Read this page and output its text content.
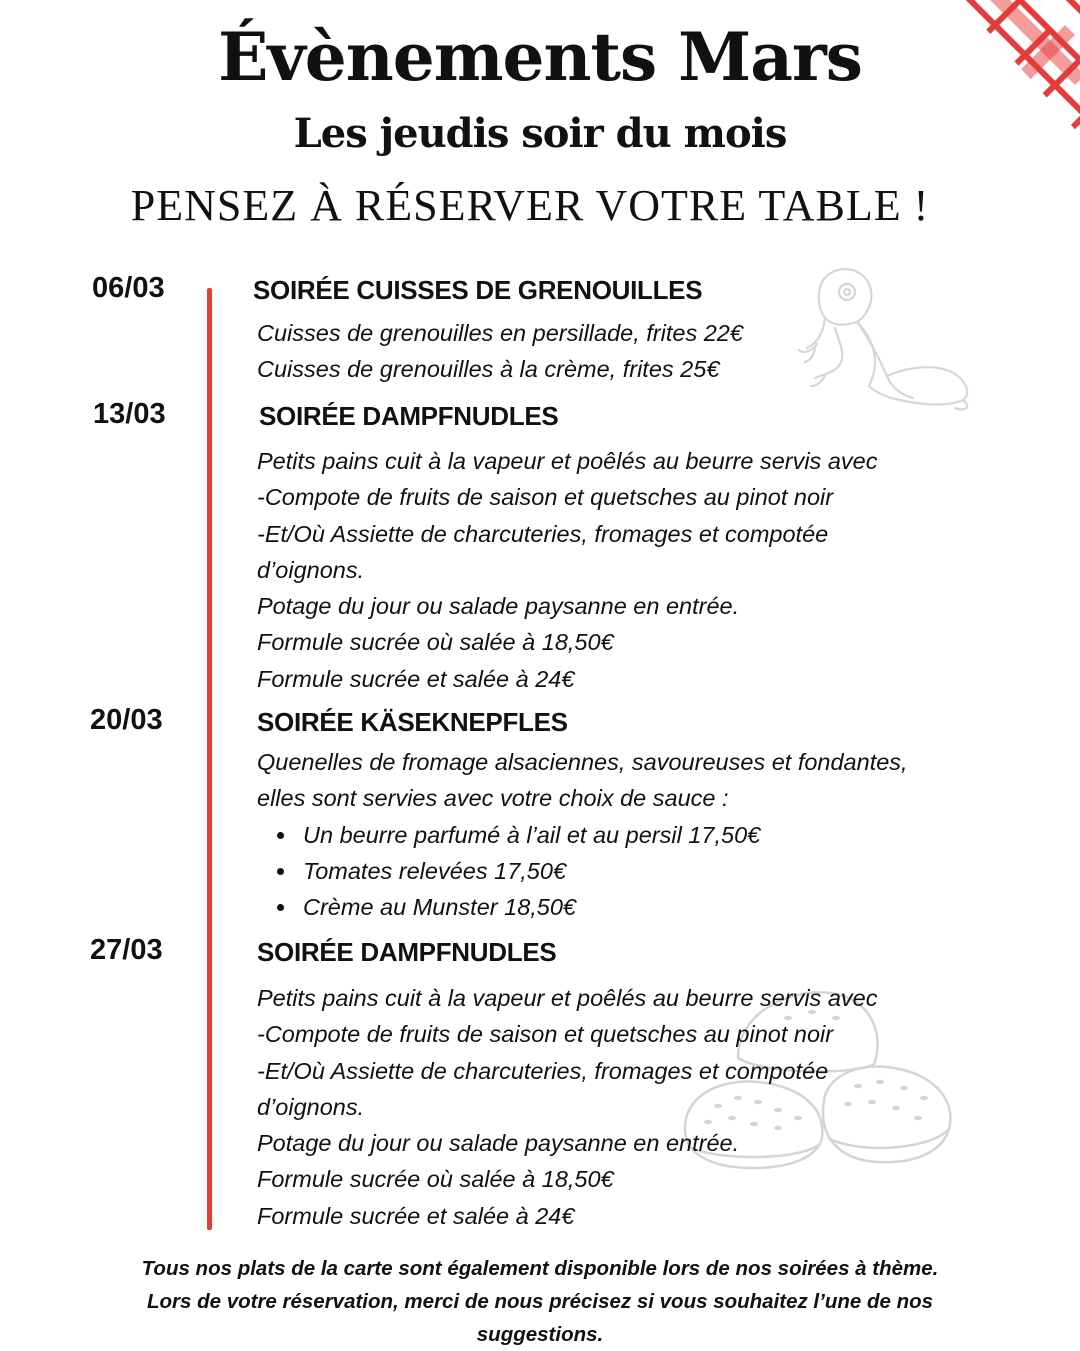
Évènements Mars
Les jeudis soir du mois
PENSEZ À RÉSERVER VOTRE TABLE !
06/03	SOIRÉE CUISSES DE GRENOUILLES
Cuisses de grenouilles en persillade, frites 22€
Cuisses de grenouilles à la crème, frites 25€
13/03	SOIRÉE DAMPFNUDLES
Petits pains cuit à la vapeur et poêlés au beurre servis avec
-Compote de fruits de saison et quetsches au pinot noir
-Et/Où Assiette de charcuteries, fromages et compotée
d’oignons.
Potage du jour ou salade paysanne en entrée.
Formule sucrée où salée à 18,50€
Formule sucrée et salée à 24€
20/03	SOIRÉE KÄSEKNEPFLES
Quenelles de fromage alsaciennes, savoureuses et fondantes,
elles sont servies avec votre choix de sauce :
Un beurre parfumé à l’ail et au persil 17,50€
Tomates relevées 17,50€
Crème au Munster 18,50€
27/03	SOIRÉE DAMPFNUDLES
Petits pains cuit à la vapeur et poêlés au beurre servis avec
-Compote de fruits de saison et quetsches au pinot noir
-Et/Où Assiette de charcuteries, fromages et compotée
d’oignons.
Potage du jour ou salade paysanne en entrée.
Formule sucrée où salée à 18,50€
Formule sucrée et salée à 24€
Tous nos plats de la carte sont également disponible lors de nos soirées à thème.
Lors de votre réservation, merci de nous précisez si vous souhaitez l’une de nos
suggestions.
